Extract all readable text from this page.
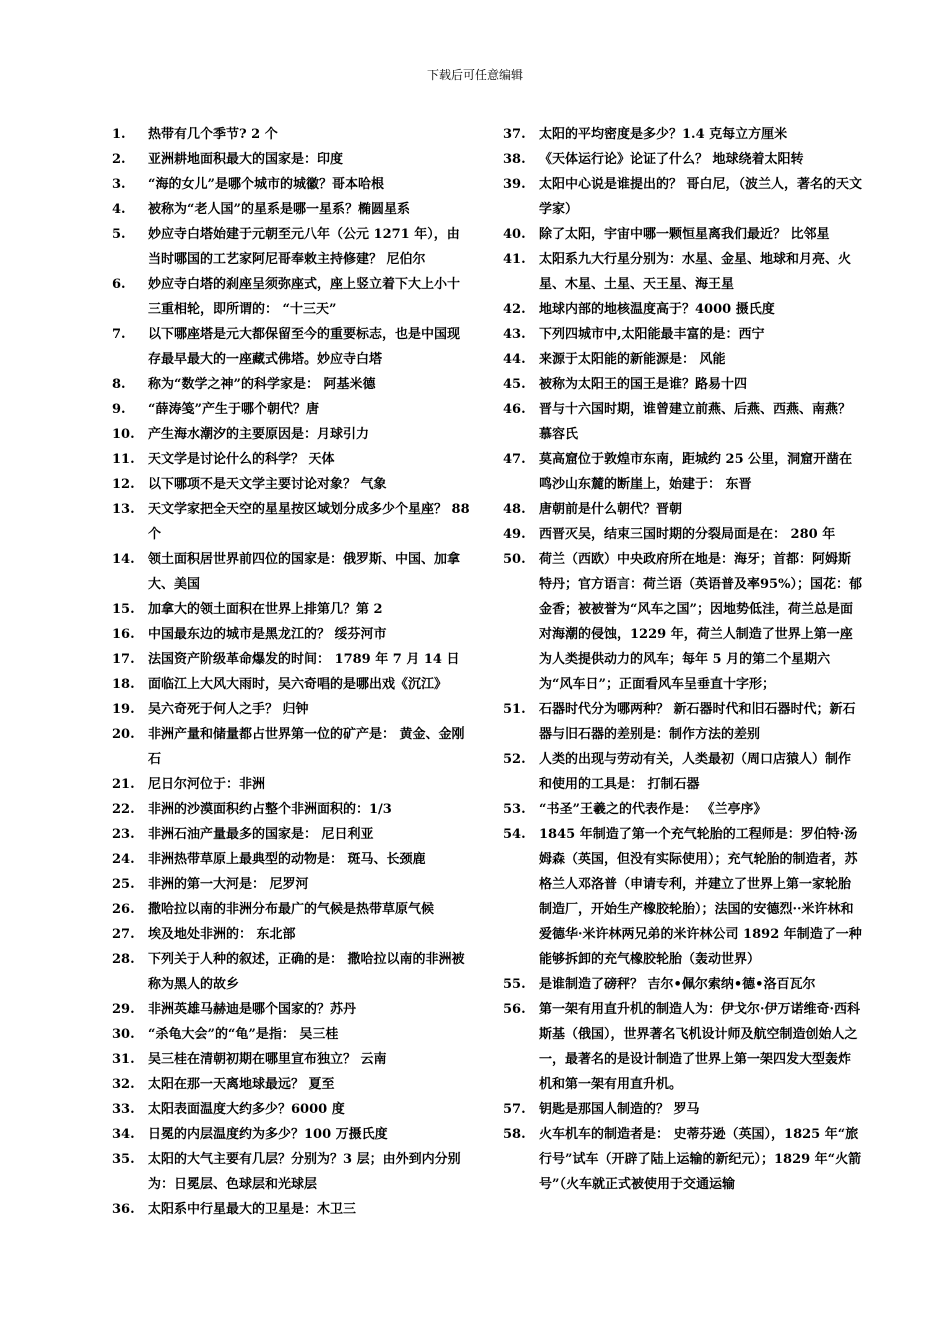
下载后可任意编辑
1.	热带有几个季节? 2 个
2.	亚洲耕地面积最大的国家是：印度
3.	“海的女儿”是哪个城市的城徽？哥本哈根
4.	被称为“老人国”的星系是哪一星系？椭圆星系
5.	妙应寺白塔始建于元朝至元八年（公元 1271 年），由当时哪国的工艺家阿尼哥奉敕主持修建？ 尼伯尔
6.	妙应寺白塔的刹座呈须弥座式，座上竖立着下大上小十三重相轮，即所谓的： “十三天”
7.	以下哪座塔是元大都保留至今的重要标志，也是中国现存最早最大的一座藏式佛塔。妙应寺白塔
8.	称为“数学之神”的科学家是： 阿基米德
9.	“薛涛笺”产生于哪个朝代？唐
10.	产生海水潮汐的主要原因是：月球引力
11.	天文学是讨论什么的科学？ 天体
12.	以下哪项不是天文学主要讨论对象？ 气象
13.	天文学家把全天空的星星按区域划分成多少个星座？ 88 个
14.	领土面积居世界前四位的国家是：俄罗斯、中国、加拿大、美国
15.	加拿大的领土面积在世界上排第几？第 2
16.	中国最东边的城市是黑龙江的？ 绥芬河市
17.	法国资产阶级革命爆发的时间： 1789 年 7 月 14 日
18.	面临江上大风大雨时，吴六奇唱的是哪出戏《沉江》
19.	吴六奇死于何人之手？ 归钟
20.	非洲产量和储量都占世界第一位的矿产是： 黄金、金刚石
21.	尼日尔河位于：非洲
22.	非洲的沙漠面积约占整个非洲面积的：1/3
23.	非洲石油产量最多的国家是： 尼日利亚
24.	非洲热带草原上最典型的动物是： 斑马、长颈鹿
25.	非洲的第一大河是： 尼罗河
26.	撒哈拉以南的非洲分布最广的气候是热带草原气候
27.	埃及地处非洲的： 东北部
28.	下列关于人种的叙述，正确的是： 撒哈拉以南的非洲被称为黑人的故乡
29.	非洲英雄马赫迪是哪个国家的？苏丹
30.	“杀龟大会”的“龟”是指： 吴三桂
31.	吴三桂在清朝初期在哪里宣布独立？ 云南
32.	太阳在那一天离地球最远？ 夏至
33.	太阳表面温度大约多少？6000 度
34.	日冕的内层温度约为多少？100 万摄氏度
35.	太阳的大气主要有几层？分别为？3 层；由外到内分别为：日冕层、色球层和光球层
36.	太阳系中行星最大的卫星是：木卫三
37.	太阳的平均密度是多少？1.4 克每立方厘米
38.	《天体运行论》论证了什么？ 地球绕着太阳转
39.	太阳中心说是谁提出的？ 哥白尼，（波兰人，著名的天文学家）
40.	除了太阳，宇宙中哪一颗恒星离我们最近？ 比邻星
41.	太阳系九大行星分别为：水星、金星、地球和月亮、火星、木星、土星、天王星、海王星
42.	地球内部的地核温度高于？4000 摄氏度
43.	下列四城市中,太阳能最丰富的是：西宁
44.	来源于太阳能的新能源是： 风能
45.	被称为太阳王的国王是谁？路易十四
46.	晋与十六国时期，谁曾建立前燕、后燕、西燕、南燕？ 慕容氏
47.	莫高窟位于敦煌市东南，距城约 25 公里，洞窟开凿在鸣沙山东麓的断崖上，始建于： 东晋
48.	唐朝前是什么朝代？晋朝
49.	西晋灭吴，结束三国时期的分裂局面是在： 280 年
50.	荷兰（西欧）中央政府所在地是：海牙；首都：阿姆斯特丹；官方语言：荷兰语（英语普及率95%）；国花：郁金香；被被誉为“风车之国”；因地势低洼，荷兰总是面对海潮的侵蚀，1229 年，荷兰人制造了世界上第一座为人类提供动力的风车；每年 5 月的第二个星期六为“风车日”；正面看风车呈垂直十字形；
51.	石器时代分为哪两种？ 新石器时代和旧石器时代；新石器与旧石器的差别是：制作方法的差别
52.	人类的出现与劳动有关，人类最初（周口店猿人）制作和使用的工具是： 打制石器
53.	“书圣”王羲之的代表作是： 《兰亭序》
54.	1845 年制造了第一个充气轮胎的工程师是：罗伯特·汤姆森（英国，但没有实际使用）；充气轮胎的制造者，苏格兰人邓洛普（申请专利，并建立了世界上第一家轮胎制造厂，开始生产橡胶轮胎）；法国的安德烈··米许林和爱德华·米许林两兄弟的米许林公司 1892 年制造了一种能够拆卸的充气橡胶轮胎（轰动世界）
55.	是谁制造了磅秤？ 吉尔•佩尔索纳•德•洛百瓦尔
56.	第一架有用直升机的制造人为：伊戈尔·伊万诺维奇·西科斯基（俄国），世界著名飞机设计师及航空制造创始人之一，最著名的是设计制造了世界上第一架四发大型轰炸机和第一架有用直升机。
57.	钥匙是那国人制造的？ 罗马
58.	火车机车的制造者是： 史蒂芬逊（英国），1825 年“旅行号”试车（开辟了陆上运输的新纪元）；1829 年“火箭号”（火车就正式被使用于交通运输
